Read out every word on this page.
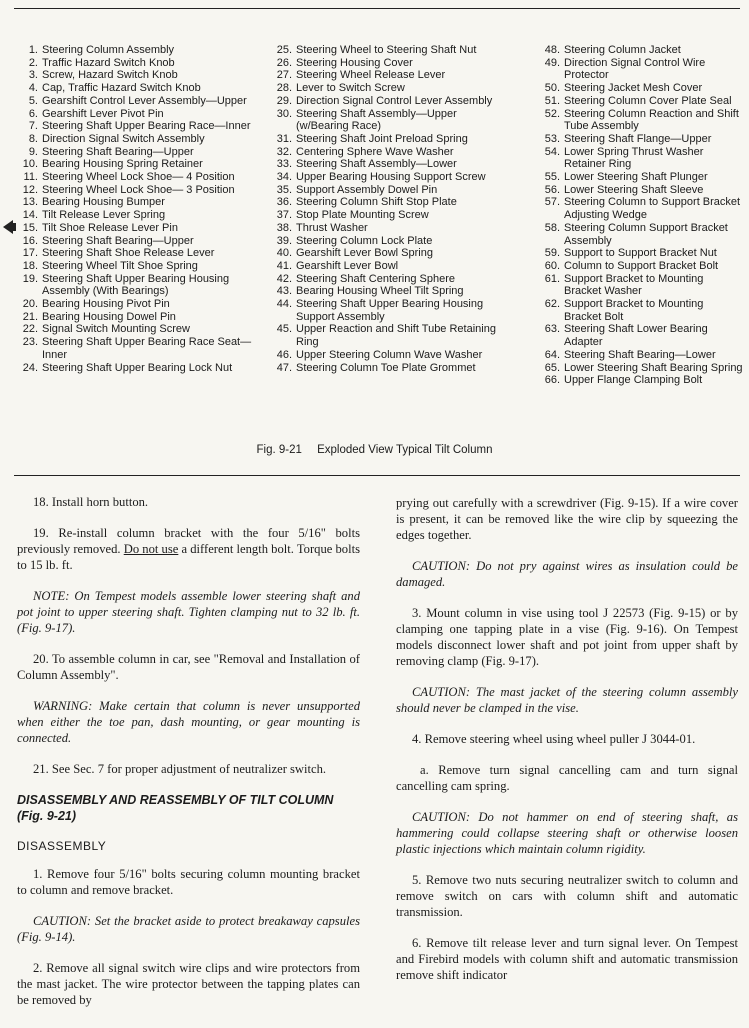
1. Steering Column Assembly
2. Traffic Hazard Switch Knob
3. Screw, Hazard Switch Knob
4. Cap, Traffic Hazard Switch Knob
5. Gearshift Control Lever Assembly—Upper
6. Gearshift Lever Pivot Pin
7. Steering Shaft Upper Bearing Race—Inner
8. Direction Signal Switch Assembly
9. Steering Shaft Bearing—Upper
10. Bearing Housing Spring Retainer
11. Steering Wheel Lock Shoe— 4 Position
12. Steering Wheel Lock Shoe— 3 Position
13. Bearing Housing Bumper
14. Tilt Release Lever Spring
15. Tilt Shoe Release Lever Pin
16. Steering Shaft Bearing—Upper
17. Steering Shaft Shoe Release Lever
18. Steering Wheel Tilt Shoe Spring
19. Steering Shaft Upper Bearing Housing Assembly (With Bearings)
20. Bearing Housing Pivot Pin
21. Bearing Housing Dowel Pin
22. Signal Switch Mounting Screw
23. Steering Shaft Upper Bearing Race Seat—Inner
24. Steering Shaft Upper Bearing Lock Nut
25. Steering Wheel to Steering Shaft Nut
26. Steering Housing Cover
27. Steering Wheel Release Lever
28. Lever to Switch Screw
29. Direction Signal Control Lever Assembly
30. Steering Shaft Assembly—Upper (w/Bearing Race)
31. Steering Shaft Joint Preload Spring
32. Centering Sphere Wave Washer
33. Steering Shaft Assembly—Lower
34. Upper Bearing Housing Support Screw
35. Support Assembly Dowel Pin
36. Steering Column Shift Stop Plate
37. Stop Plate Mounting Screw
38. Thrust Washer
39. Steering Column Lock Plate
40. Gearshift Lever Bowl Spring
41. Gearshift Lever Bowl
42. Steering Shaft Centering Sphere
43. Bearing Housing Wheel Tilt Spring
44. Steering Shaft Upper Bearing Housing Support Assembly
45. Upper Reaction and Shift Tube Retaining Ring
46. Upper Steering Column Wave Washer
47. Steering Column Toe Plate Grommet
48. Steering Column Jacket
49. Direction Signal Control Wire Protector
50. Steering Jacket Mesh Cover
51. Steering Column Cover Plate Seal
52. Steering Column Reaction and Shift Tube Assembly
53. Steering Shaft Flange—Upper
54. Lower Spring Thrust Washer Retainer Ring
55. Lower Steering Shaft Plunger
56. Lower Steering Shaft Sleeve
57. Steering Column to Support Bracket Adjusting Wedge
58. Steering Column Support Bracket Assembly
59. Support to Support Bracket Nut
60. Column to Support Bracket Bolt
61. Support Bracket to Mounting Bracket Washer
62. Support Bracket to Mounting Bracket Bolt
63. Steering Shaft Lower Bearing Adapter
64. Steering Shaft Bearing—Lower
65. Lower Steering Shaft Bearing Spring
66. Upper Flange Clamping Bolt
Fig. 9-21 Exploded View Typical Tilt Column

18. Install horn button.

19. Re-install column bracket with the four 5/16" bolts previously removed. Do not use a different length bolt. Torque bolts to 15 lb. ft.

NOTE: On Tempest models assemble lower steering shaft and pot joint to upper steering shaft. Tighten clamping nut to 32 lb. ft. (Fig. 9-17).

20. To assemble column in car, see "Removal and Installation of Column Assembly".

WARNING: Make certain that column is never unsupported when either the toe pan, dash mounting, or gear mounting is connected.

21. See Sec. 7 for proper adjustment of neutralizer switch.

DISASSEMBLY AND REASSEMBLY OF TILT COLUMN (Fig. 9-21)
DISASSEMBLY

1. Remove four 5/16" bolts securing column mounting bracket to column and remove bracket.

CAUTION: Set the bracket aside to protect breakaway capsules (Fig. 9-14).

2. Remove all signal switch wire clips and wire protectors from the mast jacket. The wire protector between the tapping plates can be removed by

prying out carefully with a screwdriver (Fig. 9-15). If a wire cover is present, it can be removed like the wire clip by squeezing the edges together.

CAUTION: Do not pry against wires as insulation could be damaged.

3. Mount column in vise using tool J 22573 (Fig. 9-15) or by clamping one tapping plate in a vise (Fig. 9-16). On Tempest models disconnect lower shaft and pot joint from upper shaft by removing clamp (Fig. 9-17).

CAUTION: The mast jacket of the steering column assembly should never be clamped in the vise.

4. Remove steering wheel using wheel puller J 3044-01.

a. Remove turn signal cancelling cam and turn signal cancelling cam spring.

CAUTION: Do not hammer on end of steering shaft, as hammering could collapse steering shaft or otherwise loosen plastic injections which maintain column rigidity.

5. Remove two nuts securing neutralizer switch to column and remove switch on cars with column shift and automatic transmission.

6. Remove tilt release lever and turn signal lever. On Tempest and Firebird models with column shift and automatic transmission remove shift indicator
